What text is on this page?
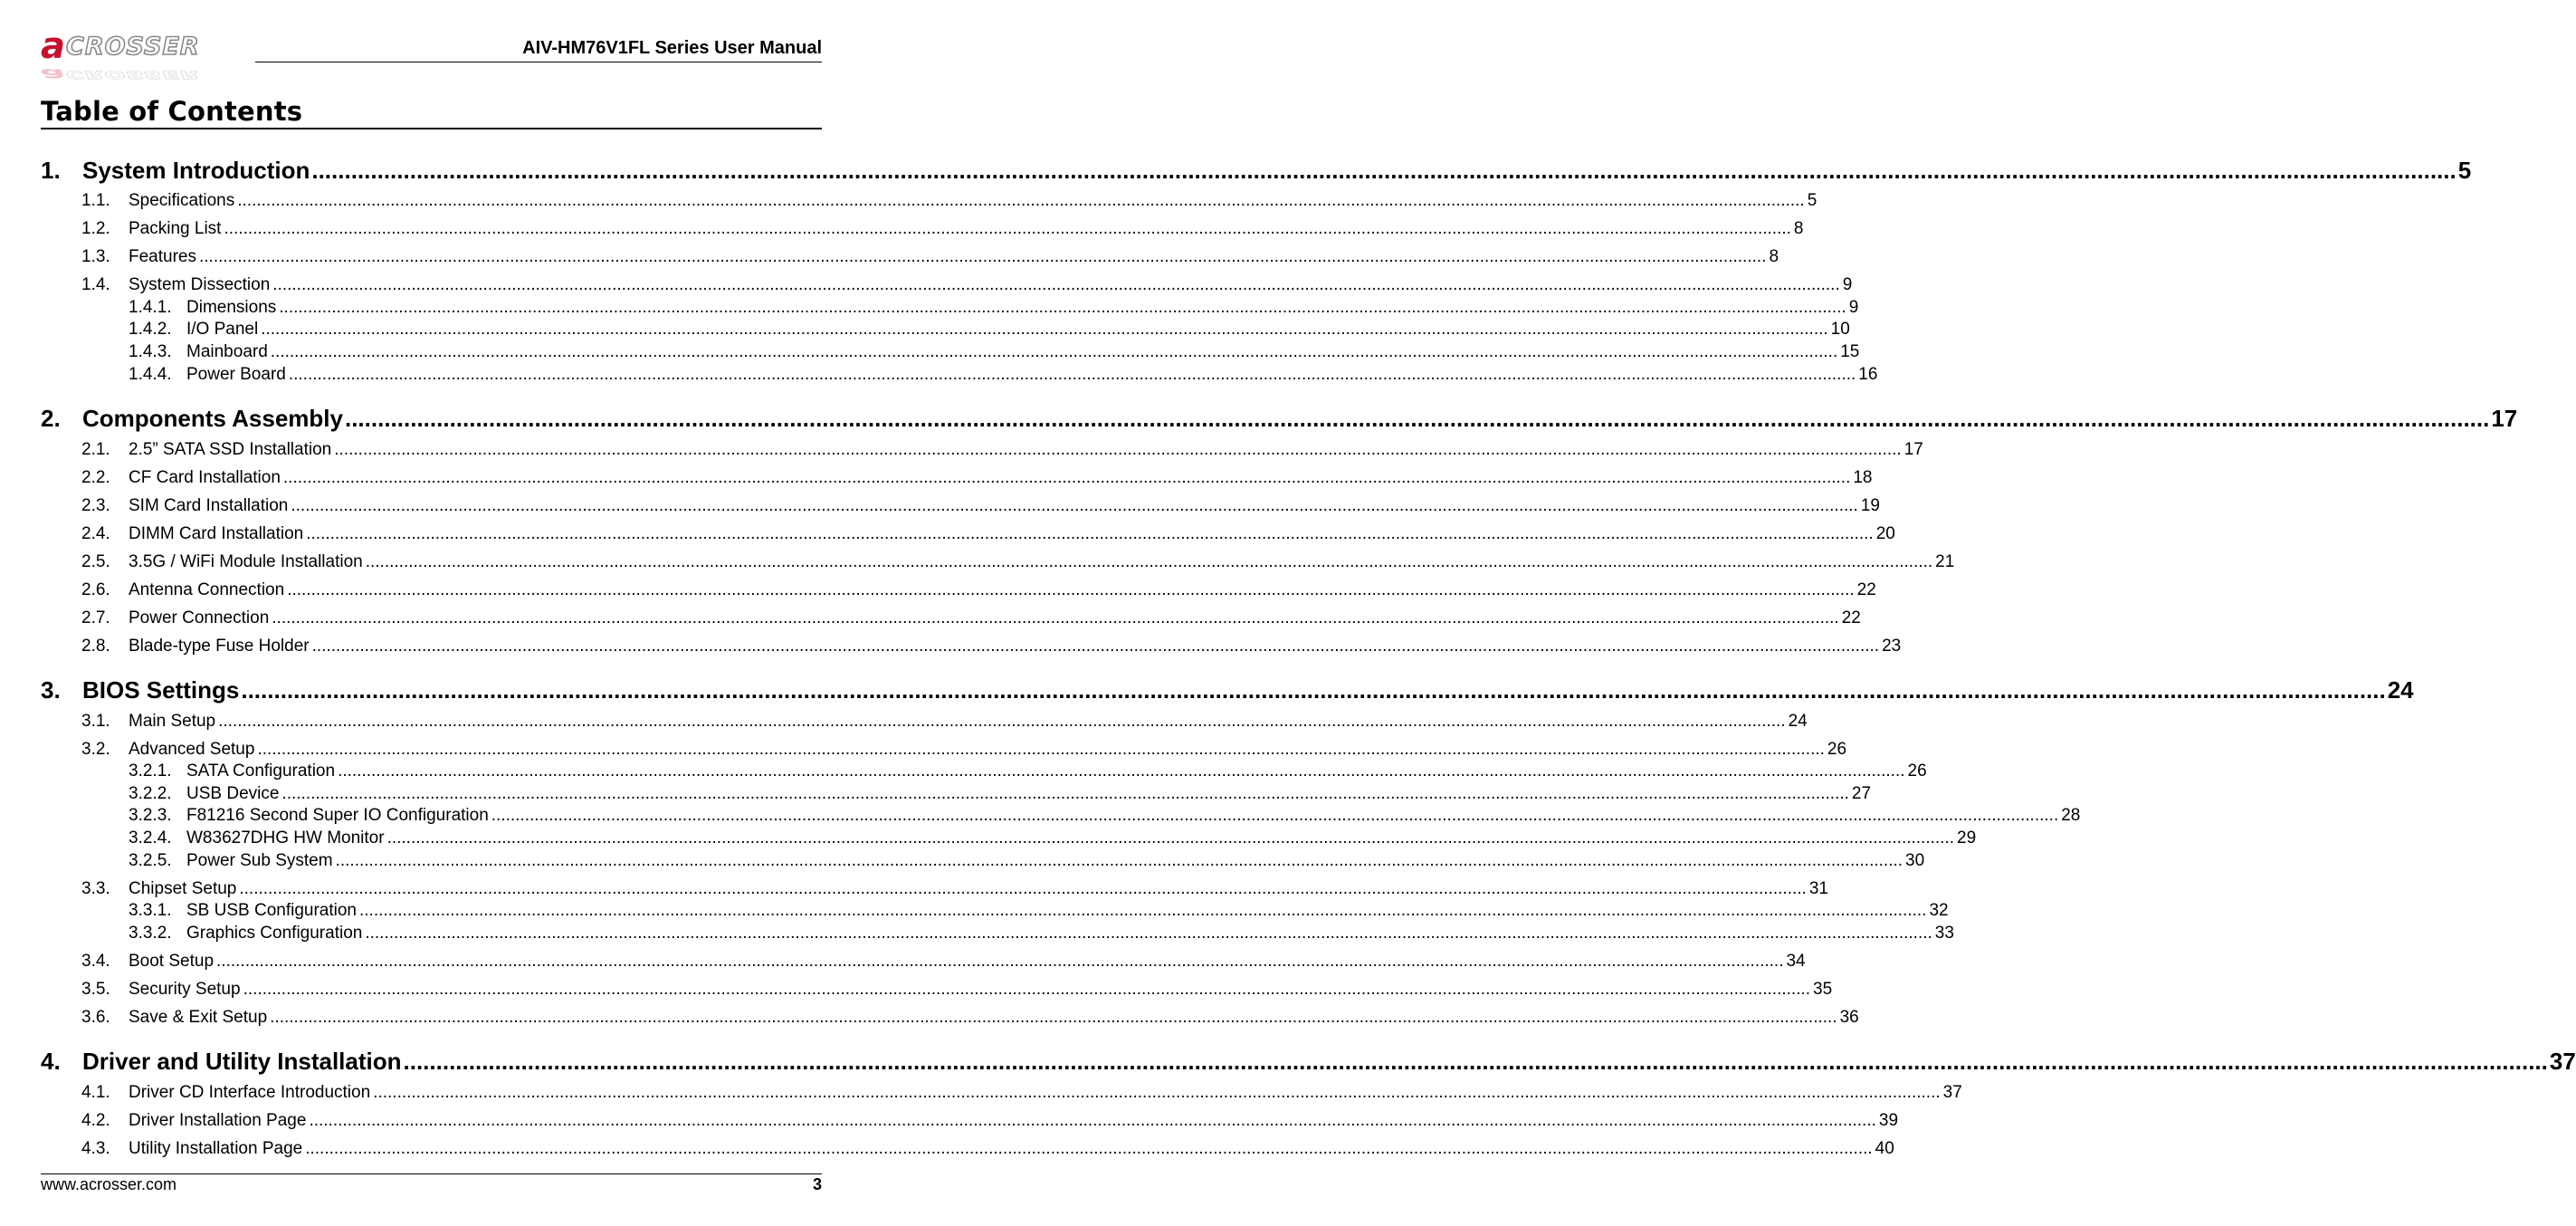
a CROSSER
a CROSSER
AIV-HM76V1FL Series User Manual
Table of Contents
1. System Introduction .....	5
1.1.	Specifications .....	5
1.2.	Packing List .....	8
1.3.	Features .....	8
1.4.	System Dissection .....	9
1.4.1. Dimensions .....	9
1.4.2. I/O Panel .....	10
1.4.3. Mainboard .....	15
1.4.4. Power Board .....	16
2. Components Assembly .....	17
2.1.	2.5” SATA SSD Installation .....	17
2.2.	CF Card Installation .....	18
2.3.	SIM Card Installation .....	19
2.4.	DIMM Card Installation .....	20
2.5.	3.5G / WiFi Module Installation .....	21
2.6.	Antenna Connection .....	22
2.7.	Power Connection .....	22
2.8.	Blade-type Fuse Holder .....	23
3. BIOS Settings .....	24
3.1.	Main Setup .....	24
3.2.	Advanced Setup .....	26
3.2.1. SATA Configuration .....	26
3.2.2. USB Device .....	27
3.2.3. F81216 Second Super IO Configuration .....	28
3.2.4. W83627DHG HW Monitor .....	29
3.2.5. Power Sub System .....	30
3.3.	Chipset Setup .....	31
3.3.1. SB USB Configuration .....	32
3.3.2. Graphics Configuration .....	33
3.4.	Boot Setup .....	34
3.5.	Security Setup .....	35
3.6.	Save & Exit Setup .....	36
4. Driver and Utility Installation .....	37
4.1.	Driver CD Interface Introduction .....	37
4.2.	Driver Installation Page .....	39
4.3.	Utility Installation Page .....	40
www.acrosser.com	3
